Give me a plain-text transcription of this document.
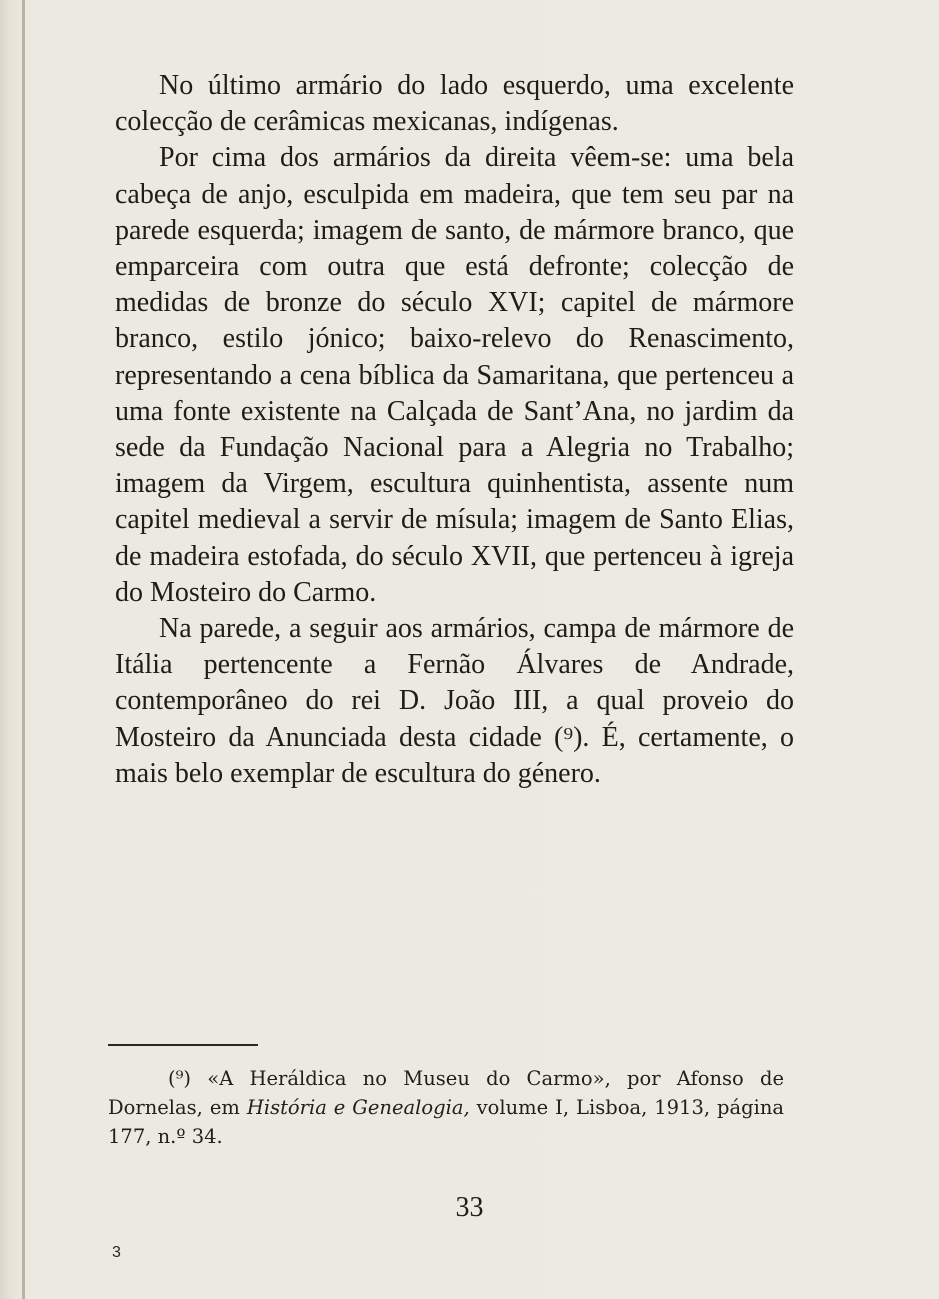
No último armário do lado esquerdo, uma excelente colecção de cerâmicas mexicanas, indígenas.

Por cima dos armários da direita vêem-se: uma bela cabeça de anjo, esculpida em madeira, que tem seu par na parede esquerda; imagem de santo, de mármore branco, que emparceira com outra que está defronte; colecção de medidas de bronze do século XVI; capitel de mármore branco, estilo jónico; baixo-relevo do Renascimento, representando a cena bíblica da Samaritana, que pertenceu a uma fonte existente na Calçada de Sant’Ana, no jardim da sede da Fundação Nacional para a Alegria no Trabalho; imagem da Virgem, escultura quinhentista, assente num capitel medieval a servir de mísula; imagem de Santo Elias, de madeira estofada, do século XVII, que pertenceu à igreja do Mosteiro do Carmo.

Na parede, a seguir aos armários, campa de mármore de Itália pertencente a Fernão Álvares de Andrade, contemporâneo do rei D. João III, a qual proveio do Mosteiro da Anunciada desta cidade (⁹). É, certamente, o mais belo exemplar de escultura do género.

(⁹) «A Heráldica no Museu do Carmo», por Afonso de Dornelas, em História e Genealogia, volume I, Lisboa, 1913, página 177, n.º 34.

33
3
